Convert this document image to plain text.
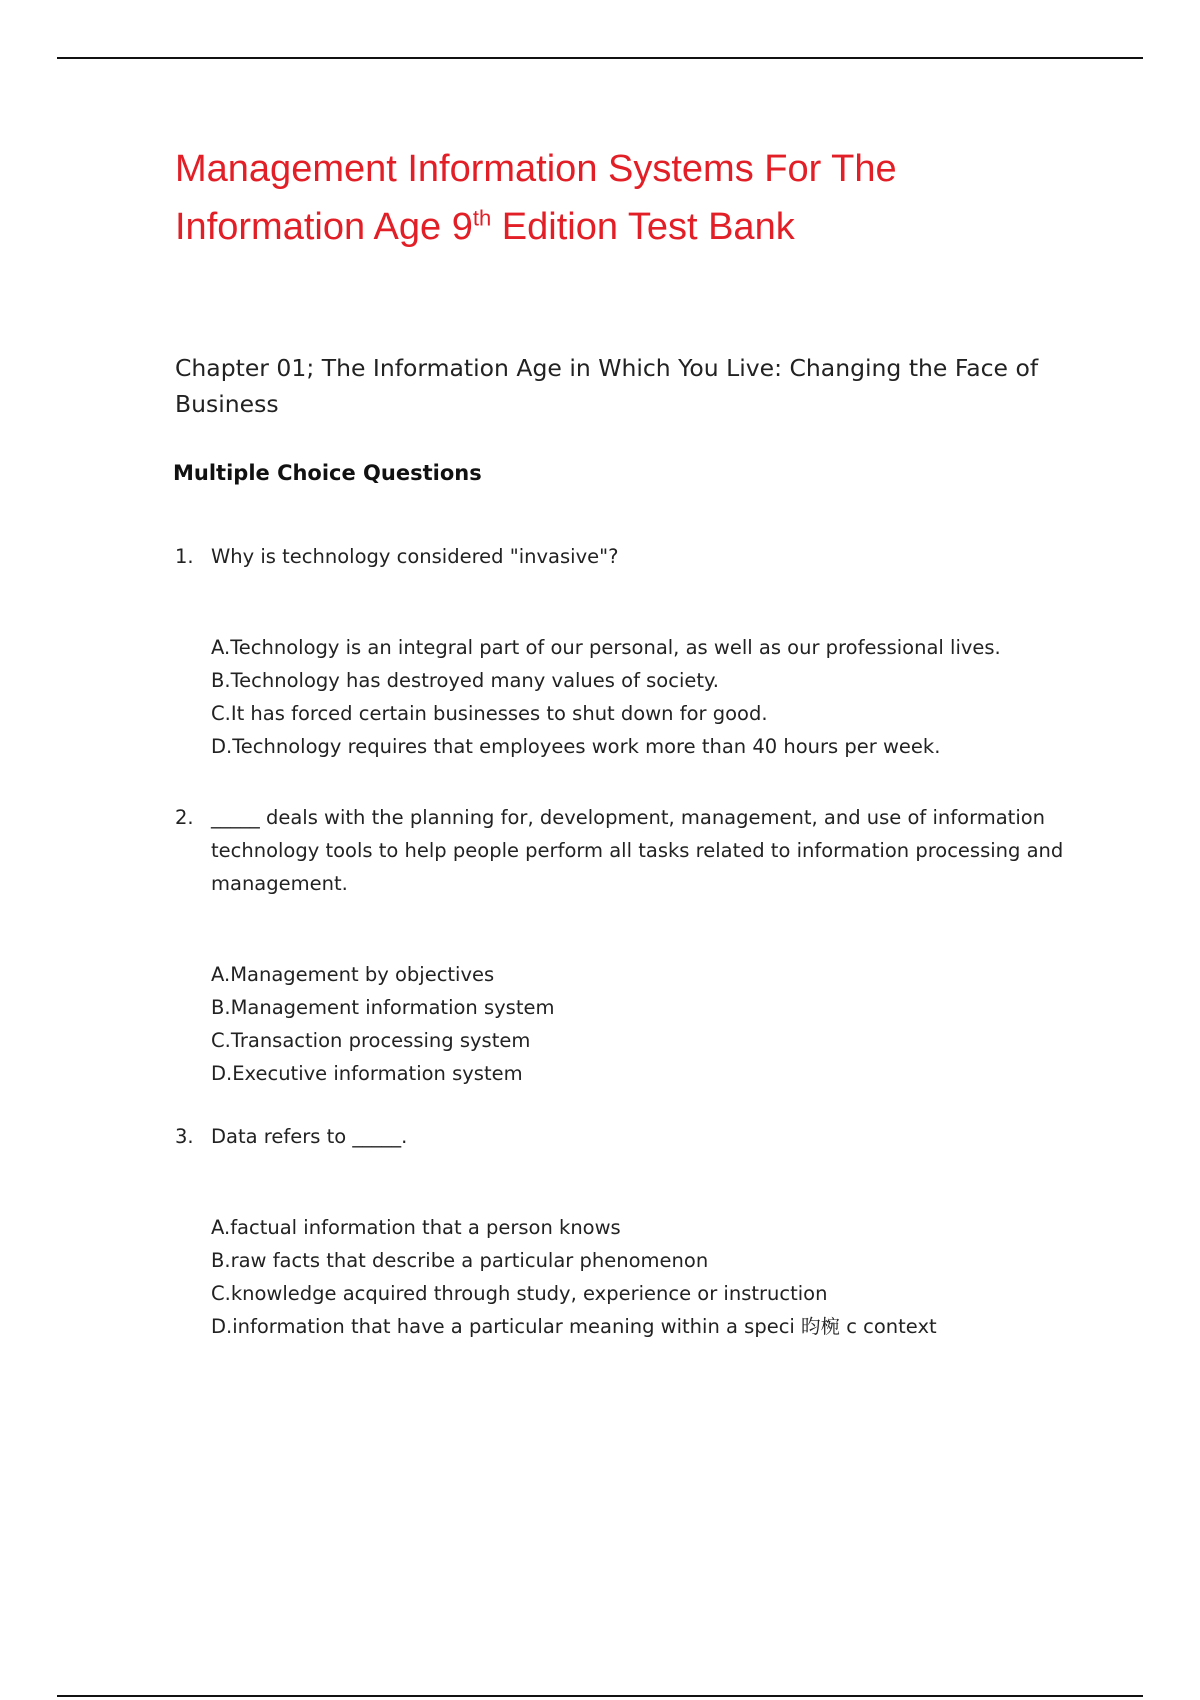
Management Information Systems For The Information Age 9th Edition Test Bank
Chapter 01; The Information Age in Which You Live: Changing the Face of Business
Multiple Choice Questions
1. Why is technology considered "invasive"?
A.Technology is an integral part of our personal, as well as our professional lives.
B.Technology has destroyed many values of society.
C.It has forced certain businesses to shut down for good.
D.Technology requires that employees work more than 40 hours per week.
2. _____ deals with the planning for, development, management, and use of information technology tools to help people perform all tasks related to information processing and management.
A.Management by objectives
B.Management information system
C.Transaction processing system
D.Executive information system
3. Data refers to _____.
A.factual information that a person knows
B.raw facts that describe a particular phenomenon
C.knowledge acquired through study, experience or instruction
D.information that have a particular meaning within a speci 昀椀 c context
